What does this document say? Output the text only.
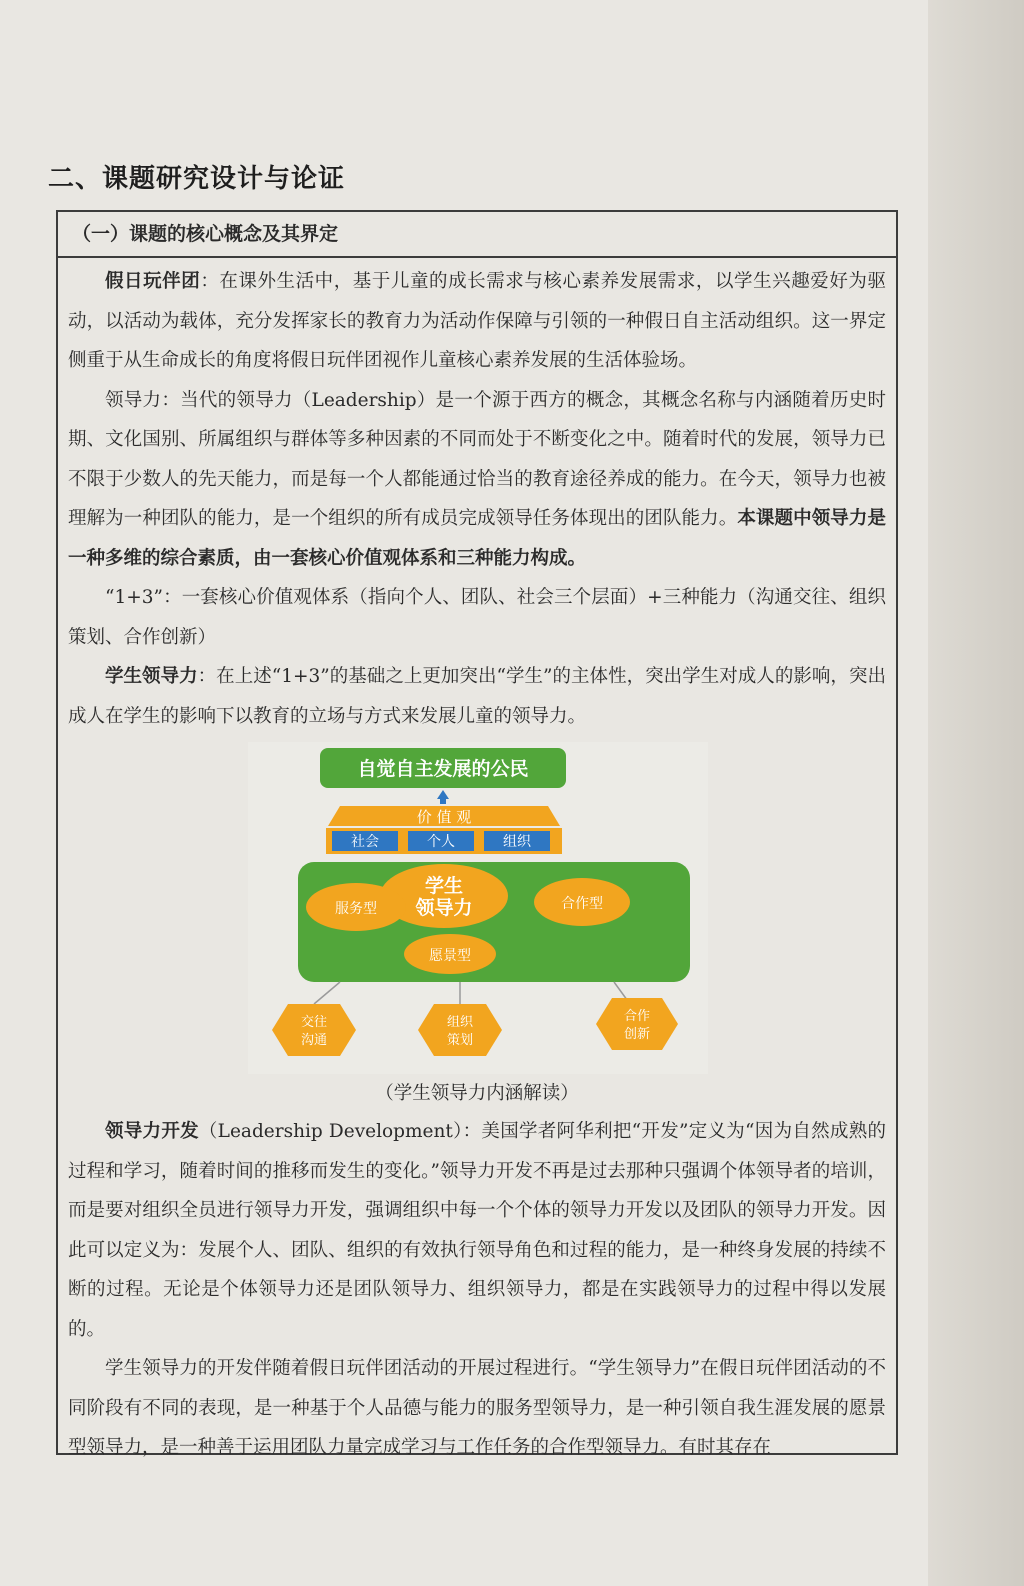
二、课题研究设计与论证
（一）课题的核心概念及其界定

假日玩伴团：在课外生活中，基于儿童的成长需求与核心素养发展需求，以学生兴趣爱好为驱动，以活动为载体，充分发挥家长的教育力为活动作保障与引领的一种假日自主活动组织。这一界定侧重于从生命成长的角度将假日玩伴团视作儿童核心素养发展的生活体验场。

领导力：当代的领导力（Leadership）是一个源于西方的概念，其概念名称与内涵随着历史时期、文化国别、所属组织与群体等多种因素的不同而处于不断变化之中。随着时代的发展，领导力已不限于少数人的先天能力，而是每一个人都能通过恰当的教育途径养成的能力。在今天，领导力也被理解为一种团队的能力，是一个组织的所有成员完成领导任务体现出的团队能力。本课题中领导力是一种多维的综合素质，由一套核心价值观体系和三种能力构成。

“1+3”：一套核心价值观体系（指向个人、团队、社会三个层面）+三种能力（沟通交往、组织策划、合作创新）

学生领导力：在上述“1+3”的基础之上更加突出“学生”的主体性，突出学生对成人的影响，突出成人在学生的影响下以教育的立场与方式来发展儿童的领导力。

自觉自主发展的公民
价 值 观
社会	个人	组织
学生
领导力
服务型	合作型
愿景型
交往
沟通
组织
策划
合作
创新
（学生领导力内涵解读）

领导力开发（Leadership Development）：美国学者阿华利把“开发”定义为“因为自然成熟的过程和学习，随着时间的推移而发生的变化。”领导力开发不再是过去那种只强调个体领导者的培训，而是要对组织全员进行领导力开发，强调组织中每一个个体的领导力开发以及团队的领导力开发。因此可以定义为：发展个人、团队、组织的有效执行领导角色和过程的能力，是一种终身发展的持续不断的过程。无论是个体领导力还是团队领导力、组织领导力，都是在实践领导力的过程中得以发展的。

学生领导力的开发伴随着假日玩伴团活动的开展过程进行。“学生领导力”在假日玩伴团活动的不同阶段有不同的表现，是一种基于个人品德与能力的服务型领导力，是一种引领自我生涯发展的愿景型领导力，是一种善于运用团队力量完成学习与工作任务的合作型领导力。有时其存在
